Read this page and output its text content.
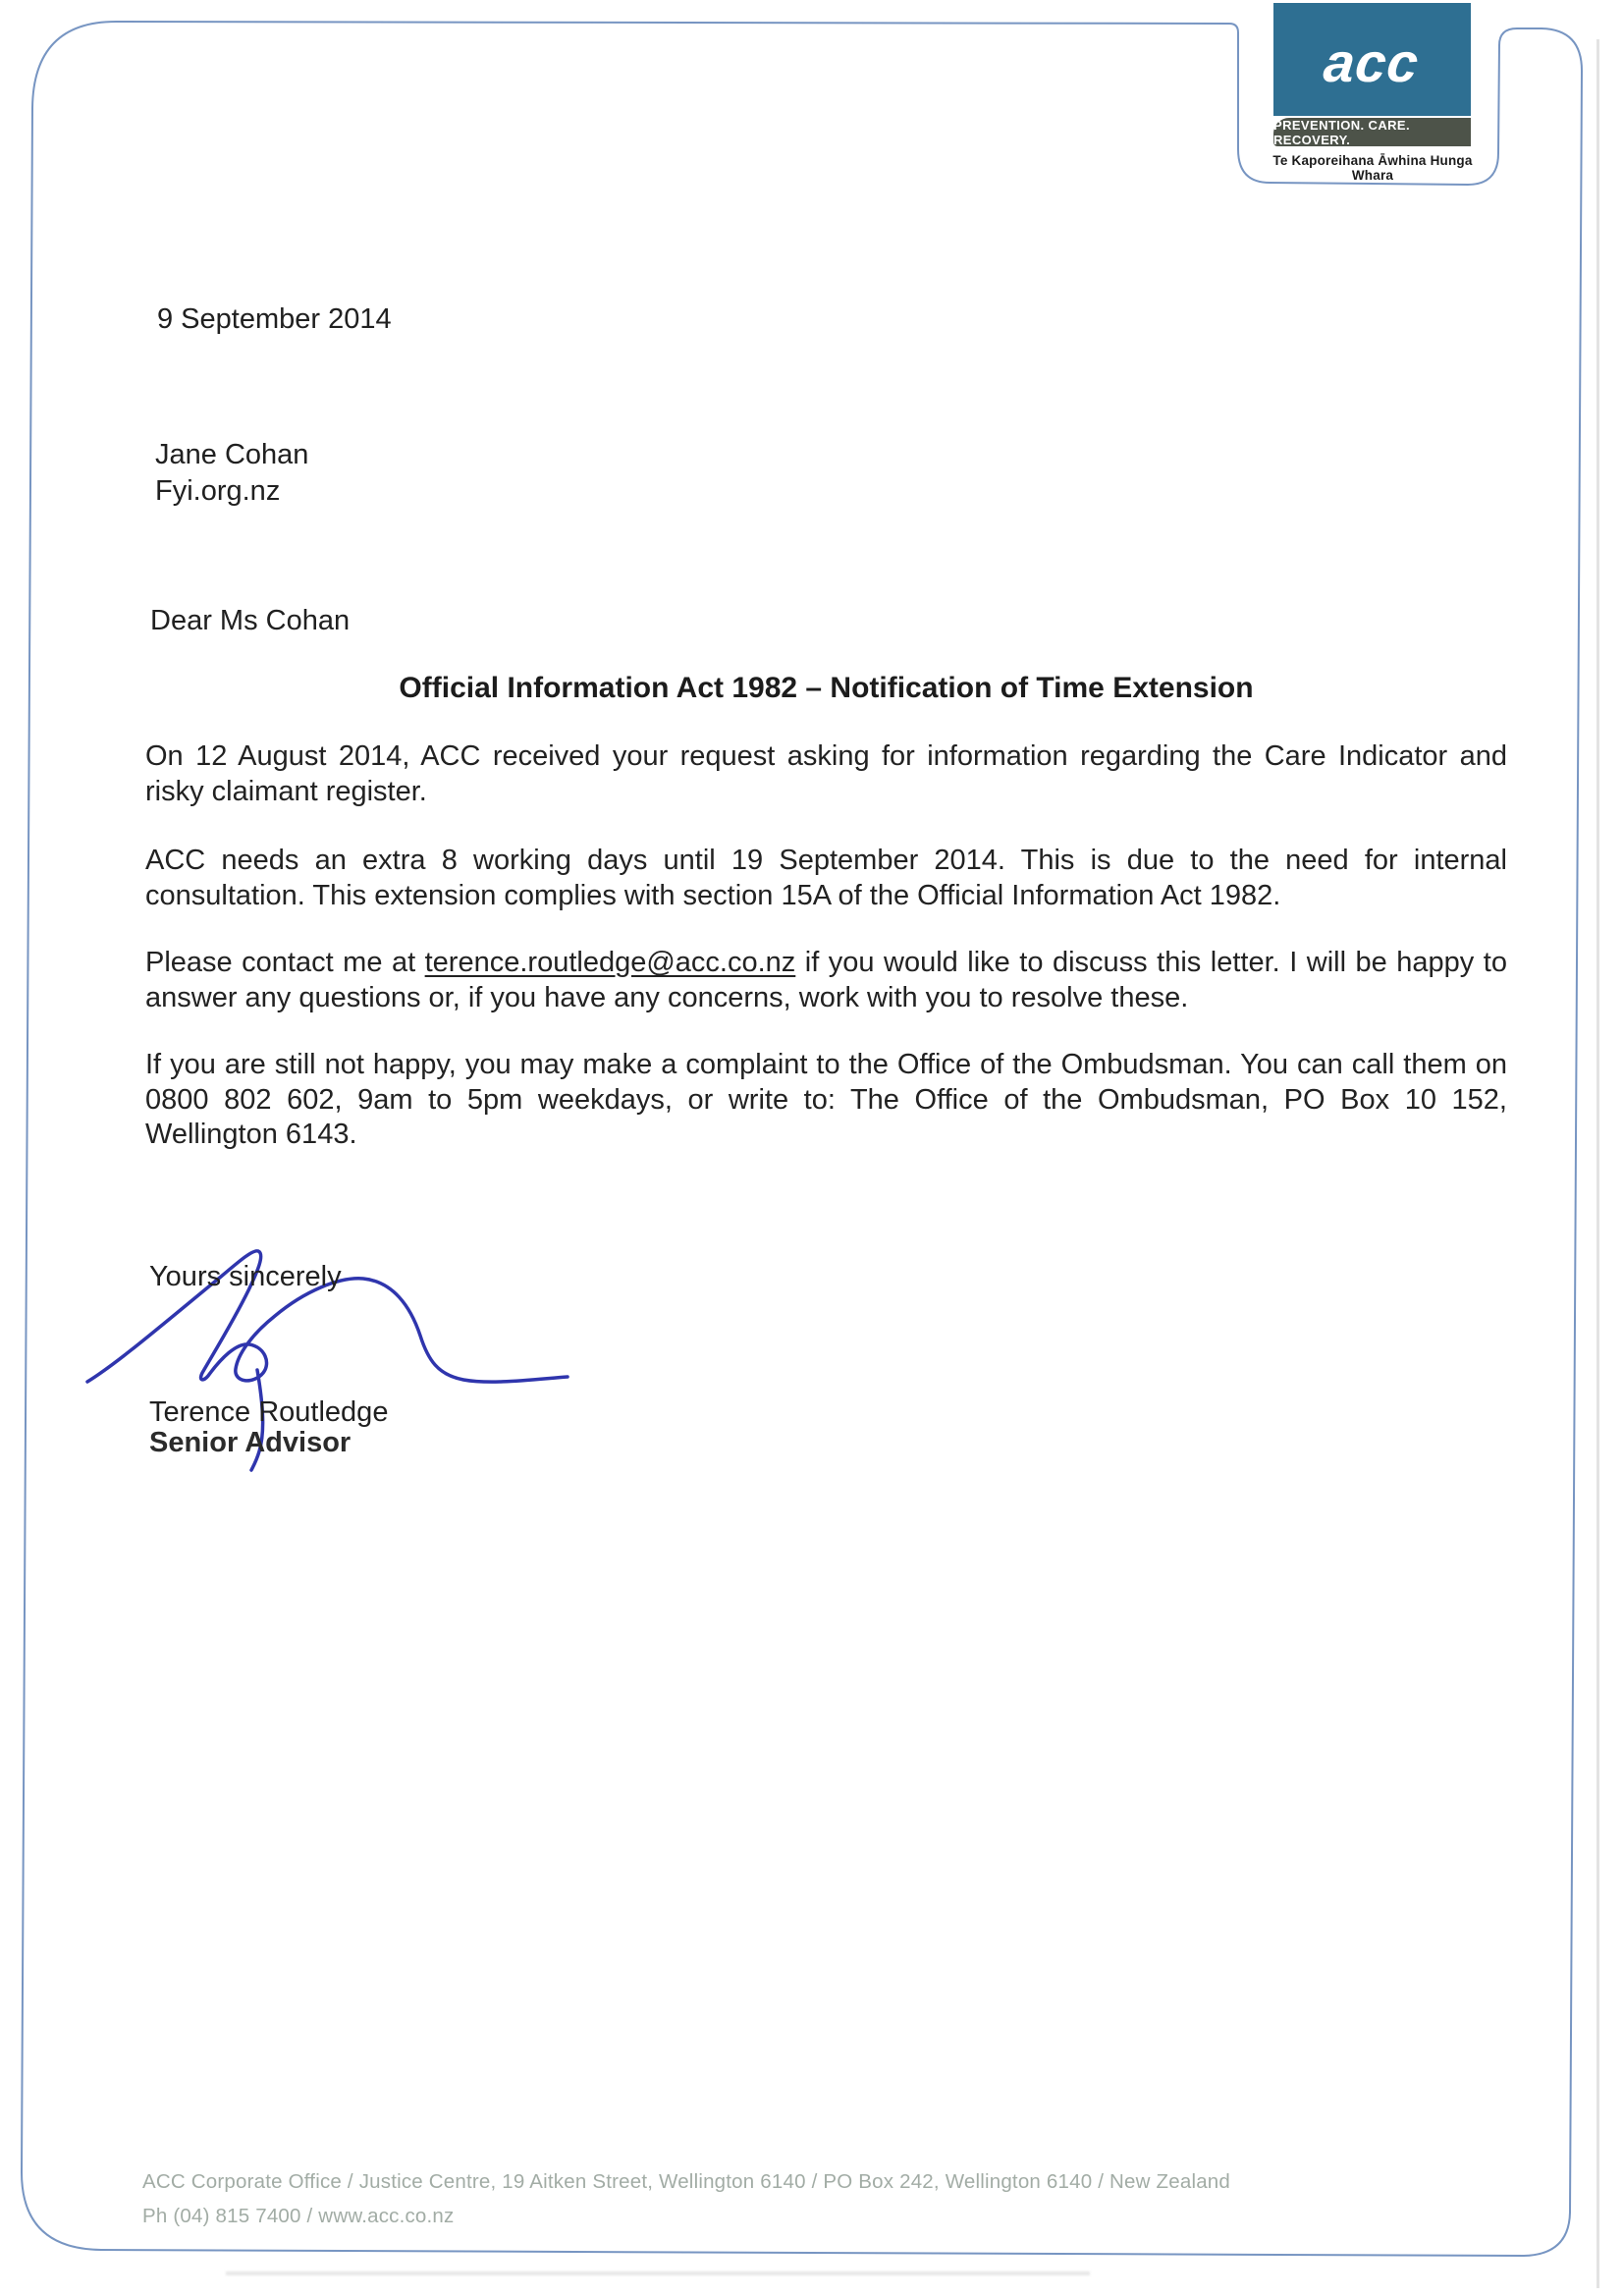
acc
PREVENTION. CARE. RECOVERY.
Te Kaporeihana Āwhina Hunga Whara
9 September 2014
Jane Cohan
Fyi.org.nz
Dear Ms Cohan
Official Information Act 1982 – Notification of Time Extension

On 12 August 2014, ACC received your request asking for information regarding the Care Indicator and risky claimant register.

ACC needs an extra 8 working days until 19 September 2014. This is due to the need for internal consultation. This extension complies with section 15A of the Official Information Act 1982.

Please contact me at terence.routledge@acc.co.nz if you would like to discuss this letter. I will be happy to answer any questions or, if you have any concerns, work with you to resolve these.

If you are still not happy, you may make a complaint to the Office of the Ombudsman. You can call them on 0800 802 602, 9am to 5pm weekdays, or write to: The Office of the Ombudsman, PO Box 10 152, Wellington 6143.

Yours sincerely
Terence Routledge
Senior Advisor
ACC Corporate Office / Justice Centre, 19 Aitken Street, Wellington 6140 / PO Box 242, Wellington 6140 / New Zealand
Ph (04) 815 7400 / www.acc.co.nz
